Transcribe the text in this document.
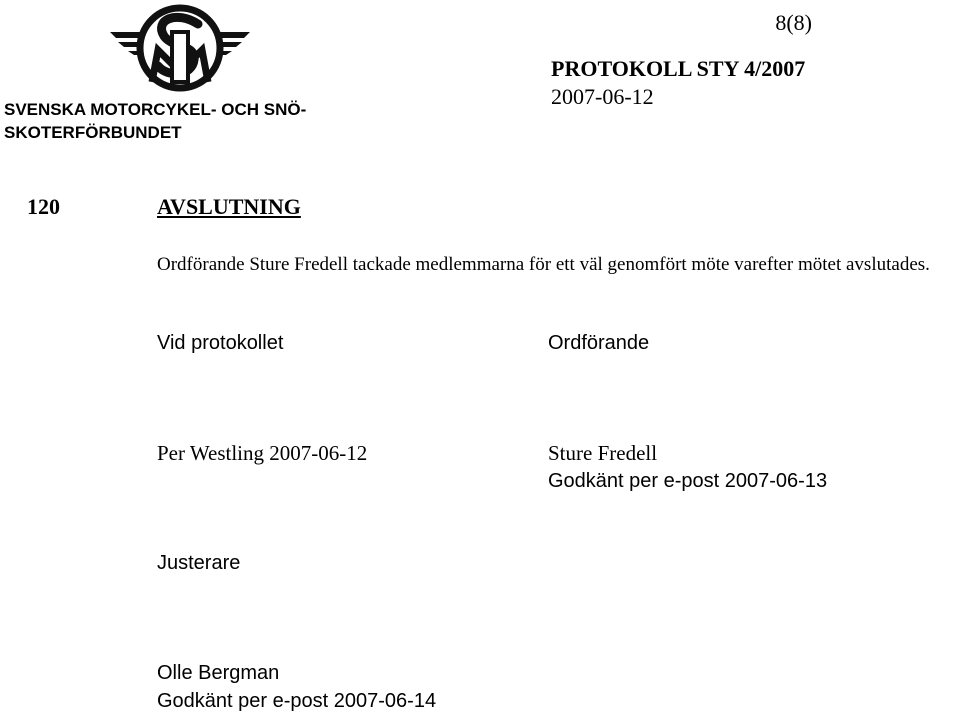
SVENSKA MOTORCYKEL- OCH SNÖ-
SKOTERFÖRBUNDET
8(8)
PROTOKOLL STY 4/2007
2007-06-12
120	AVSLUTNING
Ordförande Sture Fredell tackade medlemmarna för ett väl genomfört möte varefter mötet avslutades.
Vid protokollet	Ordförande
Per Westling 2007-06-12	Sture Fredell
Godkänt per e-post 2007-06-13
Justerare
Olle Bergman
Godkänt per e-post 2007-06-14
